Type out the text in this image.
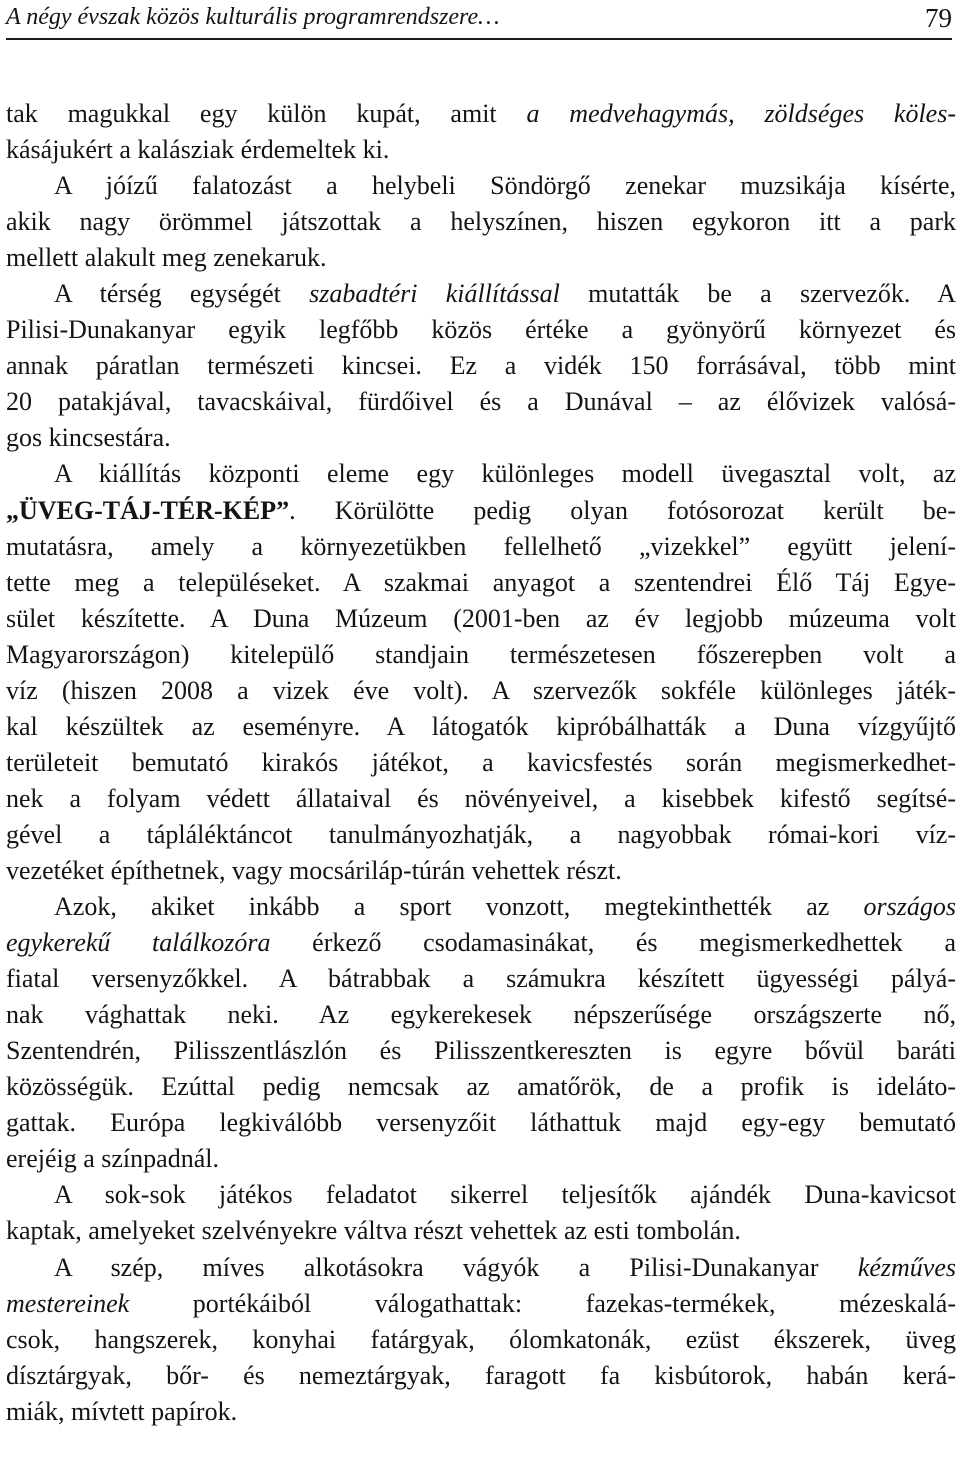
A négy évszak közös kulturális programrendszere…	79
tak magukkal egy külön kupát, amit a medvehagymás, zöldséges köles-
kásájukért a kalásziak érdemeltek ki.
A jóízű falatozást a helybeli Söndörgő zenekar muzsikája kísérte,
akik nagy örömmel játszottak a helyszínen, hiszen egykoron itt a park
mellett alakult meg zenekaruk.
A térség egységét szabadtéri kiállítással mutatták be a szervezők. A
Pilisi-Dunakanyar egyik legfőbb közös értéke a gyönyörű környezet és
annak páratlan természeti kincsei. Ez a vidék 150 forrásával, több mint
20 patakjával, tavacskáival, fürdőivel és a Dunával – az élővizek valósá-
gos kincsestára.
A kiállítás központi eleme egy különleges modell üvegasztal volt, az
„ÜVEG-TÁJ-TÉR-KÉP”. Körülötte pedig olyan fotósorozat került be-
mutatásra, amely a környezetükben fellelhető „vizekkel” együtt jelení-
tette meg a településeket. A szakmai anyagot a szentendrei Élő Táj Egye-
sület készítette. A Duna Múzeum (2001-ben az év legjobb múzeuma volt
Magyarországon) kitelepülő standjain természetesen főszerepben volt a
víz (hiszen 2008 a vizek éve volt). A szervezők sokféle különleges játék-
kal készültek az eseményre. A látogatók kipróbálhatták a Duna vízgyűjtő
területeit bemutató kirakós játékot, a kavicsfestés során megismerkedhet-
nek a folyam védett állataival és növényeivel, a kisebbek kifestő segítsé-
gével a tápláléktáncot tanulmányozhatják, a nagyobbak római-kori víz-
vezetéket építhetnek, vagy mocsáriláp-túrán vehettek részt.
Azok, akiket inkább a sport vonzott, megtekinthették az országos
egykerekű találkozóra érkező csodamasinákat, és megismerkedhettek a
fiatal versenyzőkkel. A bátrabbak a számukra készített ügyességi pályá-
nak vághattak neki. Az egykerekesek népszerűsége országszerte nő,
Szentendrén, Pilisszentlászlón és Pilisszentkereszten is egyre bővül baráti
közösségük. Ezúttal pedig nemcsak az amatőrök, de a profik is ideláto-
gattak. Európa legkiválóbb versenyzőit láthattuk majd egy-egy bemutató
erejéig a színpadnál.
A sok-sok játékos feladatot sikerrel teljesítők ajándék Duna-kavicsot
kaptak, amelyeket szelvényekre váltva részt vehettek az esti tombolán.
A szép, míves alkotásokra vágyók a Pilisi-Dunakanyar kézműves
mestereinek portékáiból válogathattak: fazekas-termékek, mézeskalá-
csok, hangszerek, konyhai fatárgyak, ólomkatonák, ezüst ékszerek, üveg
dísztárgyak, bőr- és nemeztárgyak, faragott fa kisbútorok, habán kerá-
miák, mívtett papírok.
